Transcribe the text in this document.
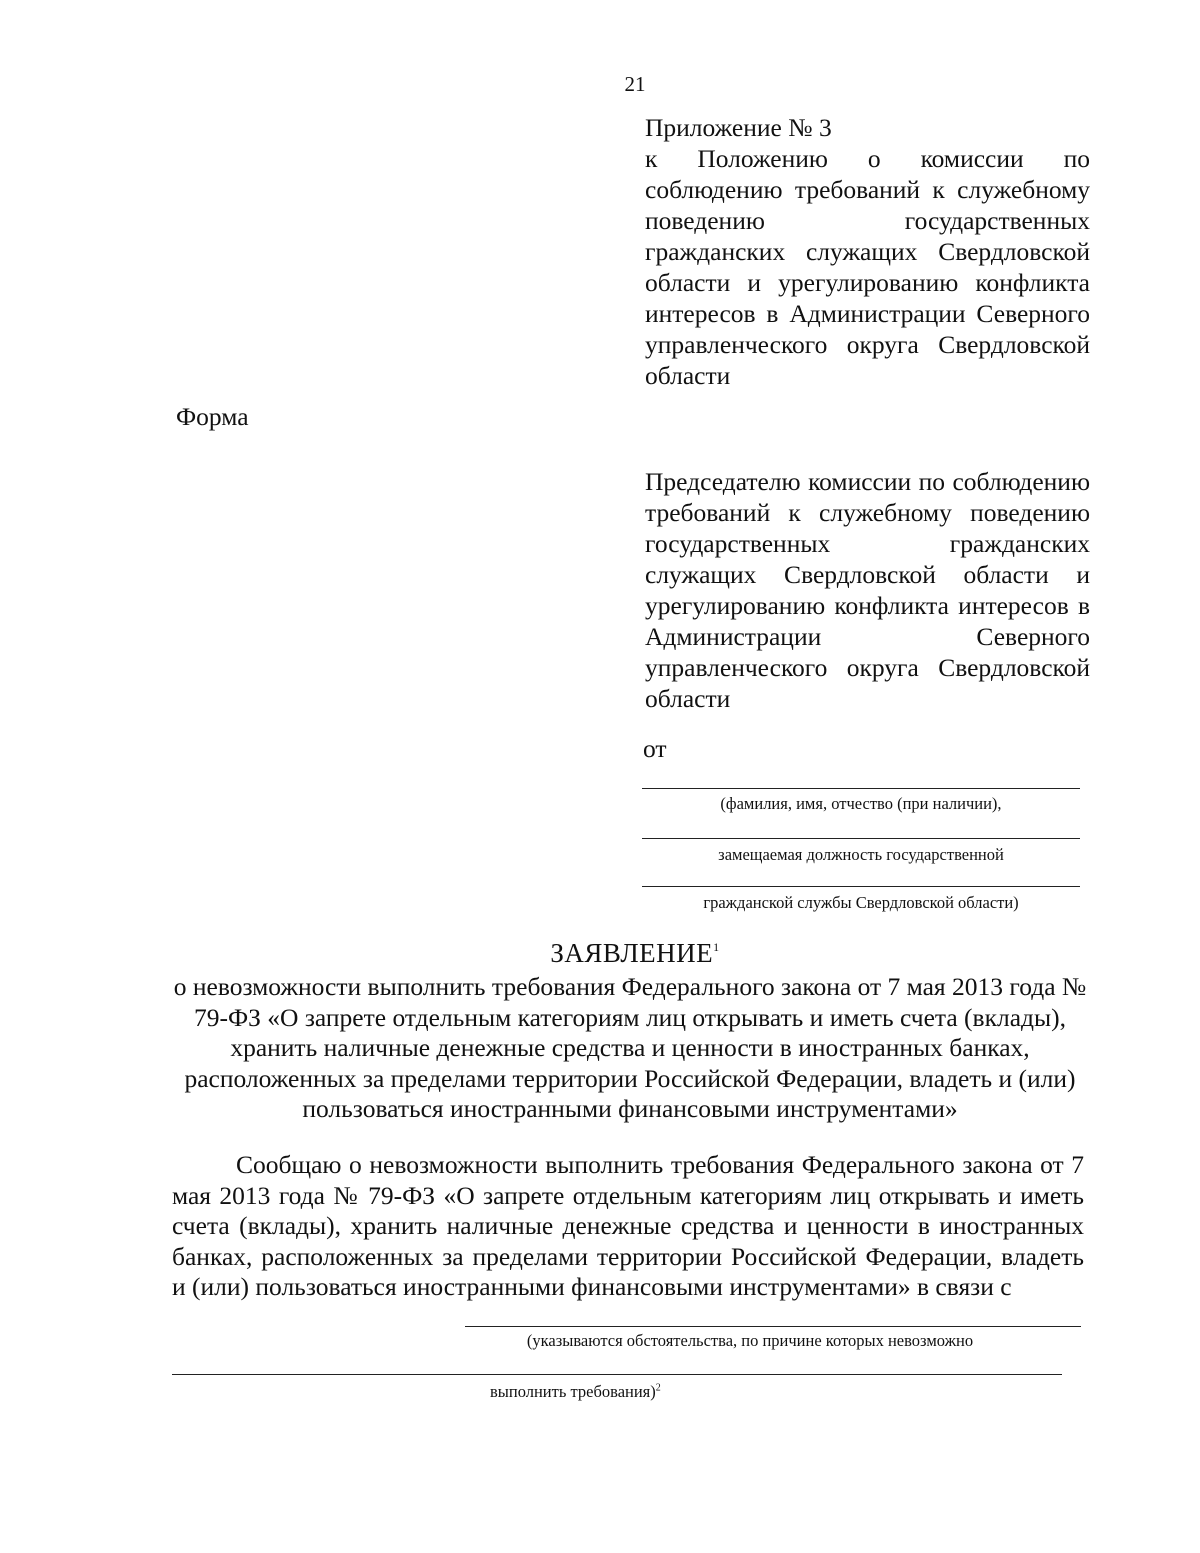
21

Приложение № 3

к Положению о комиссии по соблюдению требований к служебному поведению государственных гражданских служащих Свердловской области и урегулированию конфликта интересов в Администрации Северного управленческого округа Свердловской области

Форма

Председателю комиссии по соблюдению требований к служебному поведению государственных гражданских служащих Свердловской области и урегулированию конфликта интересов в Администрации Северного управленческого округа Свердловской области

от
(фамилия, имя, отчество (при наличии),
замещаемая должность государственной
гражданской службы Свердловской области)
ЗАЯВЛЕНИЕ$^1$
о невозможности выполнить требования Федерального закона от 7 мая 2013 года № 79-ФЗ «О запрете отдельным категориям лиц открывать и иметь счета (вклады), хранить наличные денежные средства и ценности в иностранных банках, расположенных за пределами территории Российской Федерации, владеть и (или) пользоваться иностранными финансовыми инструментами»
Сообщаю о невозможности выполнить требования Федерального закона от 7 мая 2013 года № 79-ФЗ «О запрете отдельным категориям лиц открывать и иметь счета (вклады), хранить наличные денежные средства и ценности в иностранных банках, расположенных за пределами территории Российской Федерации, владеть и (или) пользоваться иностранными финансовыми инструментами» в связи с
(указываются обстоятельства, по причине которых невозможно
выполнить требования)$^2$
